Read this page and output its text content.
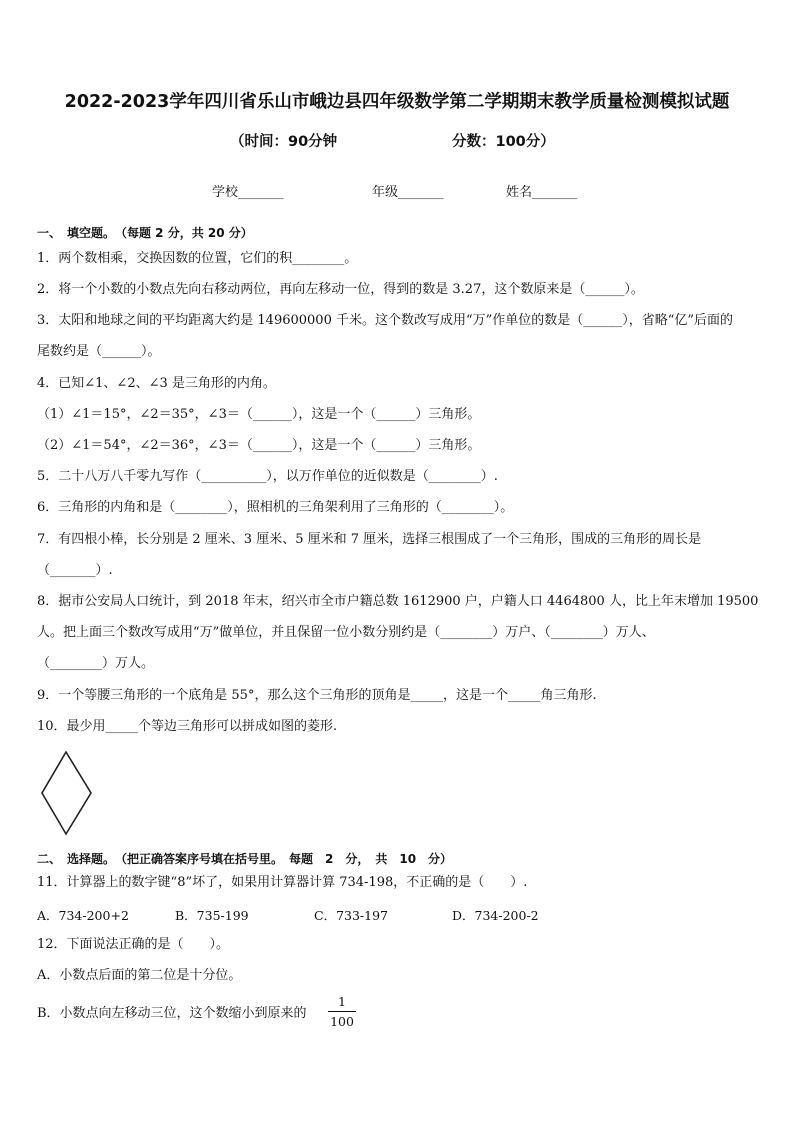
2022-2023学年四川省乐山市峨边县四年级数学第二学期期末教学质量检测模拟试题
（时间：90分钟	分数：100分）
学校_______	年级_______	姓名_______
一、　填空题。　（每题 2 分，共 20 分）
1．两个数相乘，交换因数的位置，它们的积________。
2．将一个小数的小数点先向右移动两位，再向左移动一位，得到的数是 3.27，这个数原来是（______）。
3．太阳和地球之间的平均距离大约是 149600000 千米。这个数改写成用“万”作单位的数是（______），省略“亿”后面的
尾数约是（______）。
4．已知∠1、∠2、∠3 是三角形的内角。
（1）∠1＝15°，∠2＝35°，∠3＝（______），这是一个（______）三角形。
（2）∠1＝54°，∠2＝36°，∠3＝（______），这是一个（______）三角形。
5．二十八万八千零九写作（__________），以万作单位的近似数是（________）.
6．三角形的内角和是（________），照相机的三角架利用了三角形的（________）。
7．有四根小棒，长分别是 2 厘米、3 厘米、5 厘米和 7 厘米，选择三根围成了一个三角形，围成的三角形的周长是
（_______）.
8．据市公安局人口统计，到 2018 年末，绍兴市全市户籍总数 1612900 户，户籍人口 4464800 人，比上年末增加 19500
人。把上面三个数改写成用“万”做单位，并且保留一位小数分别约是（________）万户、（________）万人、
（________）万人。
9．一个等腰三角形的一个底角是 55°，那么这个三角形的顶角是_____，这是一个_____角三角形.
10．最少用_____个等边三角形可以拼成如图的菱形.
二、　选择题。　（把正确答案序号填在括号里。　每题　2　分，　共　10　分）
11．计算器上的数字键“8”坏了，如果用计算器计算 734-198，不正确的是（　　）.
A．734-200+2	B．735-199	C．733-197	D．734-200-2
12．下面说法正确的是（　　）。
A．小数点后面的第二位是十分位。
B．小数点向左移动三位，这个数缩小到原来的
1
100
